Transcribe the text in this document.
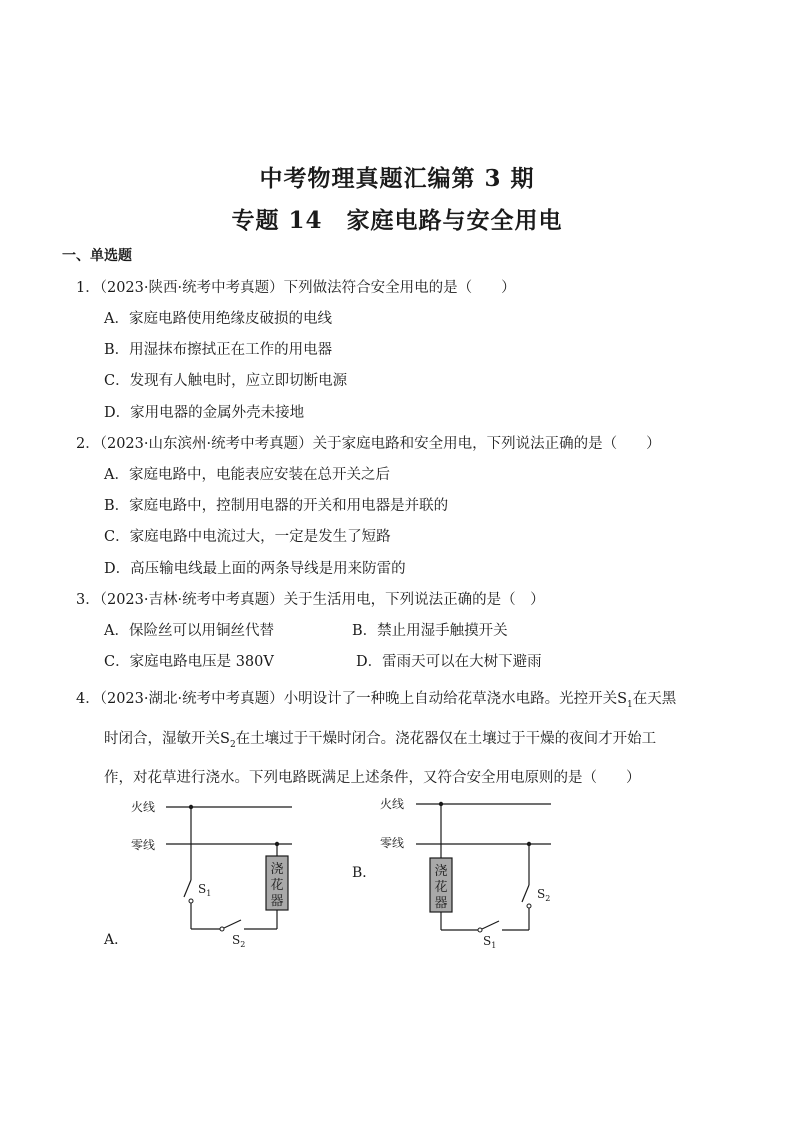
中考物理真题汇编第 3 期
专题 14　家庭电路与安全用电
一、单选题
1．（2023·陕西·统考中考真题）下列做法符合安全用电的是（　　）
A．家庭电路使用绝缘皮破损的电线
B．用湿抹布擦拭正在工作的用电器
C．发现有人触电时，应立即切断电源
D．家用电器的金属外壳未接地
2．（2023·山东滨州·统考中考真题）关于家庭电路和安全用电，下列说法正确的是（　　）
A．家庭电路中，电能表应安装在总开关之后
B．家庭电路中，控制用电器的开关和用电器是并联的
C．家庭电路中电流过大，一定是发生了短路
D．高压输电线最上面的两条导线是用来防雷的
3．（2023·吉林·统考中考真题）关于生活用电，下列说法正确的是（　）
A．保险丝可以用铜丝代替	B．禁止用湿手触摸开关
C．家庭电路电压是 380V	D．雷雨天可以在大树下避雨
4．（2023·湖北·统考中考真题）小明设计了一种晚上自动给花草浇水电路。光控开关$S_1$在天黑
时闭合，湿敏开关$S_2$在土壤过于干燥时闭合。浇花器仅在土壤过于干燥的夜间才开始工
作，对花草进行浇水。下列电路既满足上述条件，又符合安全用电原则的是（　　）
A．
火线
零线
$S_1$
$S_2$
浇
花
器
B．
火线
零线
浇
花
器
$S_1$
$S_2$
